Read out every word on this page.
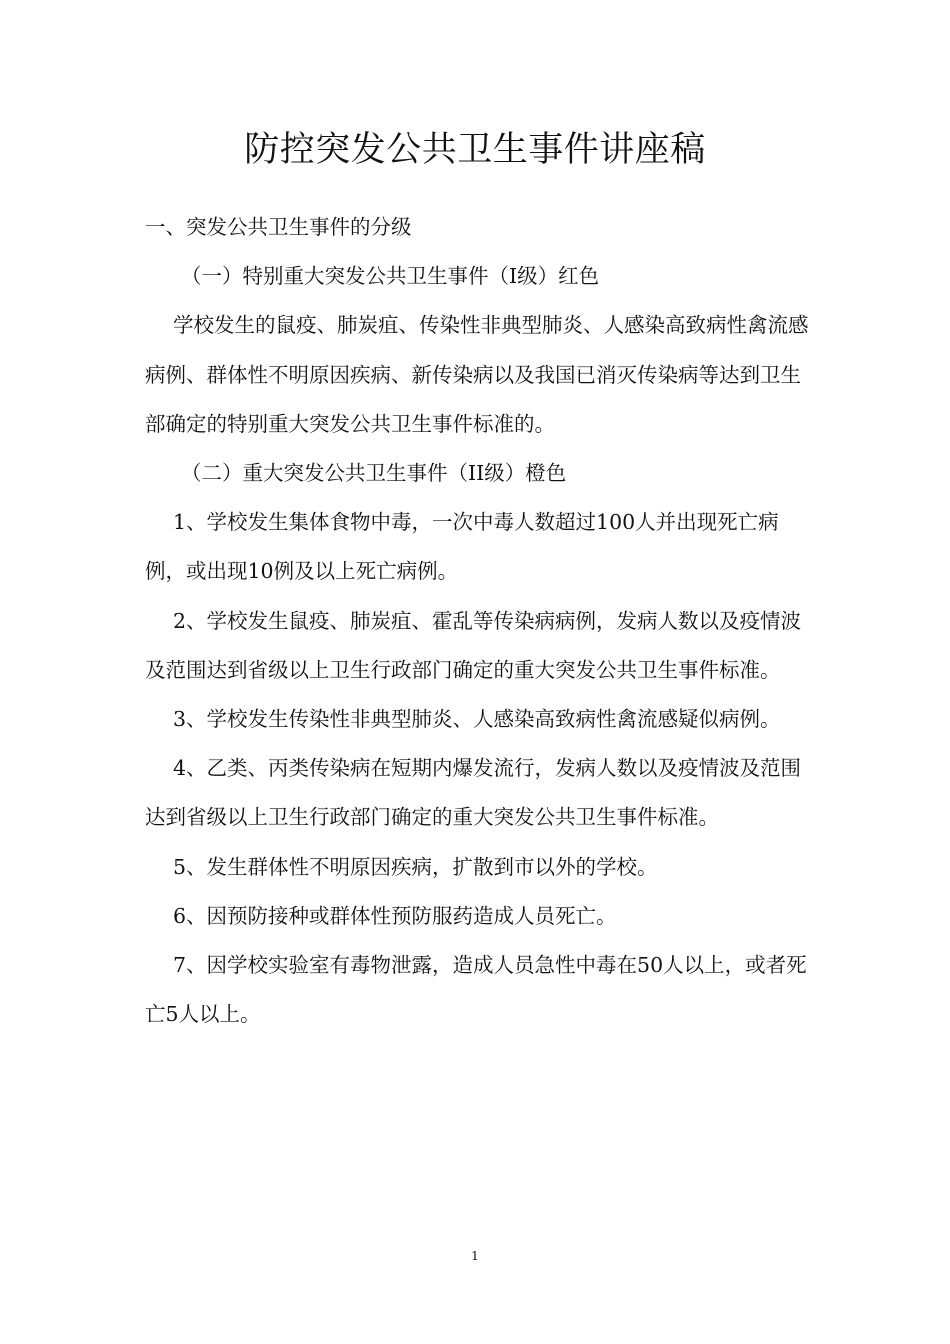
防控突发公共卫生事件讲座稿

一、突发公共卫生事件的分级

（一）特别重大突发公共卫生事件（Ⅰ级）红色

学校发生的鼠疫、肺炭疽、传染性非典型肺炎、人感染高致病性禽流感病例、群体性不明原因疾病、新传染病以及我国已消灭传染病等达到卫生部确定的特别重大突发公共卫生事件标准的。

（二）重大突发公共卫生事件（II级）橙色

1、学校发生集体食物中毒，一次中毒人数超过100人并出现死亡病例，或出现10例及以上死亡病例。

2、学校发生鼠疫、肺炭疽、霍乱等传染病病例，发病人数以及疫情波及范围达到省级以上卫生行政部门确定的重大突发公共卫生事件标准。

3、学校发生传染性非典型肺炎、人感染高致病性禽流感疑似病例。

4、乙类、丙类传染病在短期内爆发流行，发病人数以及疫情波及范围达到省级以上卫生行政部门确定的重大突发公共卫生事件标准。

5、发生群体性不明原因疾病，扩散到市以外的学校。

6、因预防接种或群体性预防服药造成人员死亡。

7、因学校实验室有毒物泄露，造成人员急性中毒在50人以上，或者死亡5人以上。

1
